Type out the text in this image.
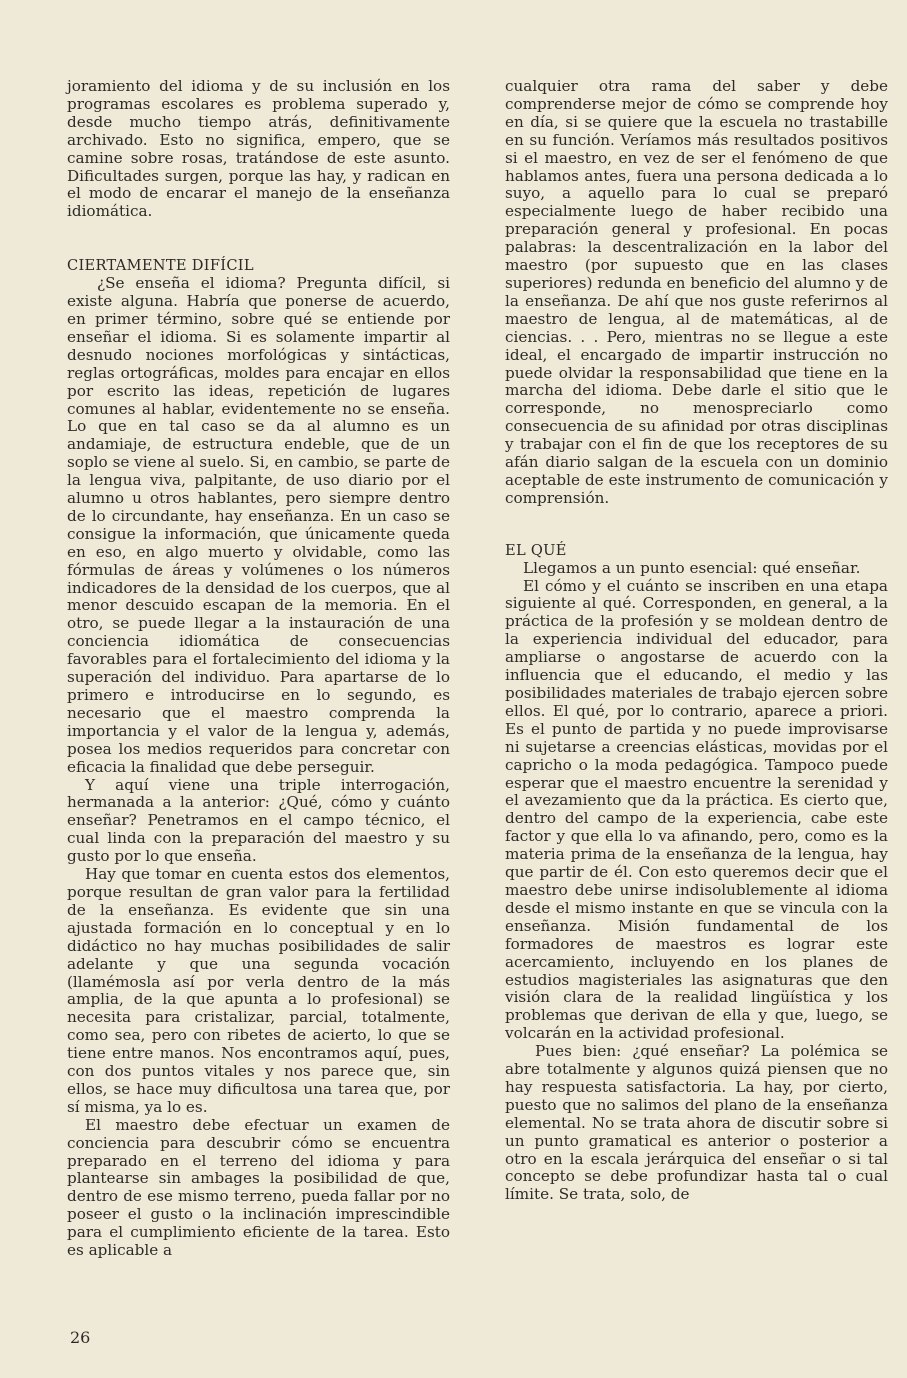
joramiento del idioma y de su inclusión en los programas escolares es problema superado y, desde mucho tiempo atrás, definitivamente archivado. Esto no significa, empero, que se camine sobre rosas, tratándose de este asunto. Dificultades surgen, porque las hay, y radican en el modo de encarar el manejo de la enseñanza idiomática.

CIERTAMENTE DIFÍCIL

¿Se enseña el idioma? Pregunta difícil, si existe alguna. Habría que ponerse de acuerdo, en primer término, sobre qué se entiende por enseñar el idioma. Si es solamente impartir al desnudo nociones morfológicas y sintácticas, reglas ortográficas, moldes para encajar en ellos por escrito las ideas, repetición de lugares comunes al hablar, evidentemente no se enseña. Lo que en tal caso se da al alumno es un andamiaje, de estructura endeble, que de un soplo se viene al suelo. Si, en cambio, se parte de la lengua viva, palpitante, de uso diario por el alumno u otros hablantes, pero siempre dentro de lo circundante, hay enseñanza. En un caso se consigue la información, que únicamente queda en eso, en algo muerto y olvidable, como las fórmulas de áreas y volúmenes o los números indicadores de la densidad de los cuerpos, que al menor descuido escapan de la memoria. En el otro, se puede llegar a la instauración de una conciencia idiomática de consecuencias favorables para el fortalecimiento del idioma y la superación del individuo. Para apartarse de lo primero e introducirse en lo segundo, es necesario que el maestro comprenda la importancia y el valor de la lengua y, además, posea los medios requeridos para concretar con eficacia la finalidad que debe perseguir.

Y aquí viene una triple interrogación, hermanada a la anterior: ¿Qué, cómo y cuánto enseñar? Penetramos en el campo técnico, el cual linda con la preparación del maestro y su gusto por lo que enseña.

Hay que tomar en cuenta estos dos elementos, porque resultan de gran valor para la fertilidad de la enseñanza. Es evidente que sin una ajustada formación en lo conceptual y en lo didáctico no hay muchas posibilidades de salir adelante y que una segunda vocación (llamémosla así por verla dentro de la más amplia, de la que apunta a lo profesional) se necesita para cristalizar, parcial, totalmente, como sea, pero con ribetes de acierto, lo que se tiene entre manos. Nos encontramos aquí, pues, con dos puntos vitales y nos parece que, sin ellos, se hace muy dificultosa una tarea que, por sí misma, ya lo es.

El maestro debe efectuar un examen de conciencia para descubrir cómo se encuentra preparado en el terreno del idioma y para plantearse sin ambages la posibilidad de que, dentro de ese mismo terreno, pueda fallar por no poseer el gusto o la inclinación imprescindible para el cumplimiento eficiente de la tarea. Esto es aplicable a

cualquier otra rama del saber y debe comprenderse mejor de cómo se comprende hoy en día, si se quiere que la escuela no trastabille en su función. Veríamos más resultados positivos si el maestro, en vez de ser el fenómeno de que hablamos antes, fuera una persona dedicada a lo suyo, a aquello para lo cual se preparó especialmente luego de haber recibido una preparación general y profesional. En pocas palabras: la descentralización en la labor del maestro (por supuesto que en las clases superiores) redunda en beneficio del alumno y de la enseñanza. De ahí que nos guste referirnos al maestro de lengua, al de matemáticas, al de ciencias. . . Pero, mientras no se llegue a este ideal, el encargado de impartir instrucción no puede olvidar la responsabilidad que tiene en la marcha del idioma. Debe darle el sitio que le corresponde, no menospreciarlo como consecuencia de su afinidad por otras disciplinas y trabajar con el fin de que los receptores de su afán diario salgan de la escuela con un dominio aceptable de este instrumento de comunicación y comprensión.

EL QUÉ

Llegamos a un punto esencial: qué enseñar.

El cómo y el cuánto se inscriben en una etapa siguiente al qué. Corresponden, en general, a la práctica de la profesión y se moldean dentro de la experiencia individual del educador, para ampliarse o angostarse de acuerdo con la influencia que el educando, el medio y las posibilidades materiales de trabajo ejercen sobre ellos. El qué, por lo contrario, aparece a priori. Es el punto de partida y no puede improvisarse ni sujetarse a creencias elásticas, movidas por el capricho o la moda pedagógica. Tampoco puede esperar que el maestro encuentre la serenidad y el avezamiento que da la práctica. Es cierto que, dentro del campo de la experiencia, cabe este factor y que ella lo va afinando, pero, como es la materia prima de la enseñanza de la lengua, hay que partir de él. Con esto queremos decir que el maestro debe unirse indisolublemente al idioma desde el mismo instante en que se vincula con la enseñanza. Misión fundamental de los formadores de maestros es lograr este acercamiento, incluyendo en los planes de estudios magisteriales las asignaturas que den visión clara de la realidad lingüística y los problemas que derivan de ella y que, luego, se volcarán en la actividad profesional.

Pues bien: ¿qué enseñar? La polémica se abre totalmente y algunos quizá piensen que no hay respuesta satisfactoria. La hay, por cierto, puesto que no salimos del plano de la enseñanza elemental. No se trata ahora de discutir sobre si un punto gramatical es anterior o posterior a otro en la escala jerárquica del enseñar o si tal concepto se debe profundizar hasta tal o cual límite. Se trata, solo, de

26
